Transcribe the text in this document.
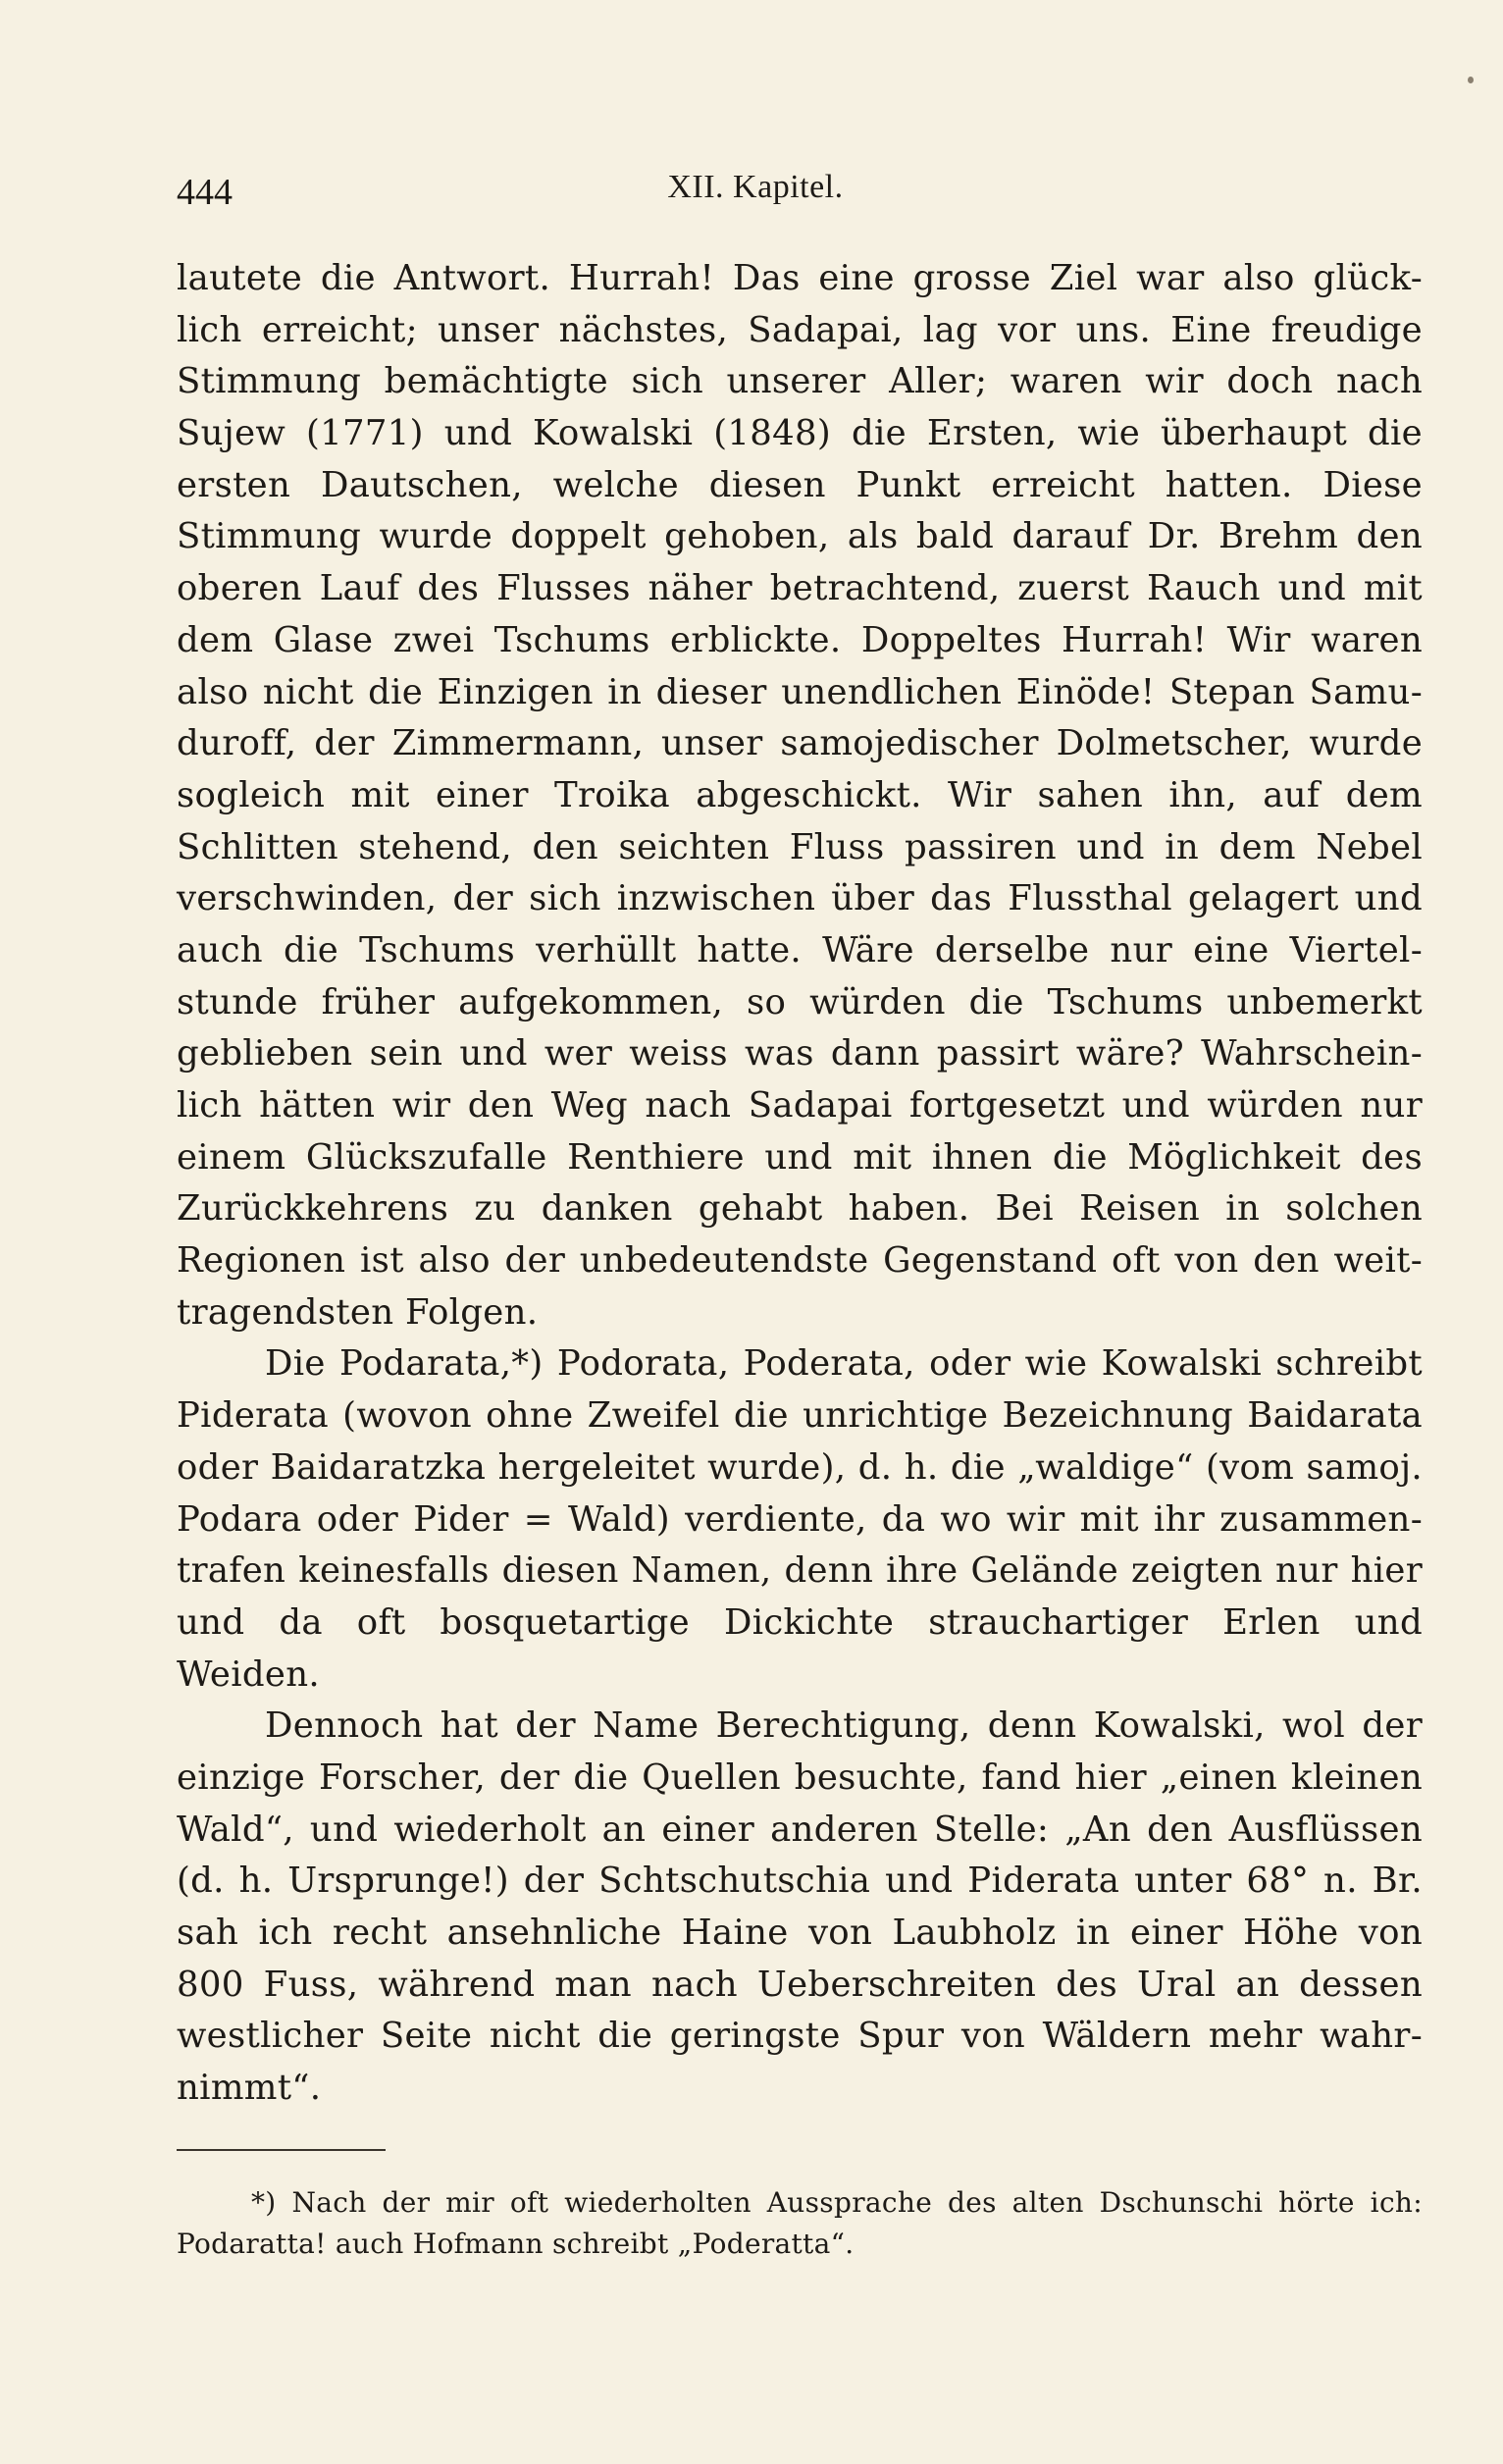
444	XII. Kapitel.
lautete die Antwort. Hurrah! Das eine grosse Ziel war also glück-
lich erreicht; unser nächstes, Sadapai, lag vor uns. Eine freudige
Stimmung bemächtigte sich unserer Aller; waren wir doch nach
Sujew (1771) und Kowalski (1848) die Ersten, wie überhaupt die
ersten Dautschen, welche diesen Punkt erreicht hatten. Diese
Stimmung wurde doppelt gehoben, als bald darauf Dr. Brehm den
oberen Lauf des Flusses näher betrachtend, zuerst Rauch und mit
dem Glase zwei Tschums erblickte. Doppeltes Hurrah! Wir waren
also nicht die Einzigen in dieser unendlichen Einöde! Stepan Samu-
duroff, der Zimmermann, unser samojedischer Dolmetscher, wurde
sogleich mit einer Troika abgeschickt. Wir sahen ihn, auf dem
Schlitten stehend, den seichten Fluss passiren und in dem Nebel
verschwinden, der sich inzwischen über das Flussthal gelagert und
auch die Tschums verhüllt hatte. Wäre derselbe nur eine Viertel-
stunde früher aufgekommen, so würden die Tschums unbemerkt
geblieben sein und wer weiss was dann passirt wäre? Wahrschein-
lich hätten wir den Weg nach Sadapai fortgesetzt und würden nur
einem Glückszufalle Renthiere und mit ihnen die Möglichkeit des
Zurückkehrens zu danken gehabt haben. Bei Reisen in solchen
Regionen ist also der unbedeutendste Gegenstand oft von den weit-
tragendsten Folgen.
Die Podarata,*) Podorata, Poderata, oder wie Kowalski schreibt
Piderata (wovon ohne Zweifel die unrichtige Bezeichnung Baidarata
oder Baidaratzka hergeleitet wurde), d. h. die „waldige“ (vom samoj.
Podara oder Pider = Wald) verdiente, da wo wir mit ihr zusammen-
trafen keinesfalls diesen Namen, denn ihre Gelände zeigten nur hier
und da oft bosquetartige Dickichte strauchartiger Erlen und
Weiden.
Dennoch hat der Name Berechtigung, denn Kowalski, wol der
einzige Forscher, der die Quellen besuchte, fand hier „einen kleinen
Wald“, und wiederholt an einer anderen Stelle: „An den Ausflüssen
(d. h. Ursprunge!) der Schtschutschia und Piderata unter 68° n. Br.
sah ich recht ansehnliche Haine von Laubholz in einer Höhe von
800 Fuss, während man nach Ueberschreiten des Ural an dessen
westlicher Seite nicht die geringste Spur von Wäldern mehr wahr-
nimmt“.
*) Nach der mir oft wiederholten Aussprache des alten Dschunschi hörte ich:
Podaratta! auch Hofmann schreibt „Poderatta“.
